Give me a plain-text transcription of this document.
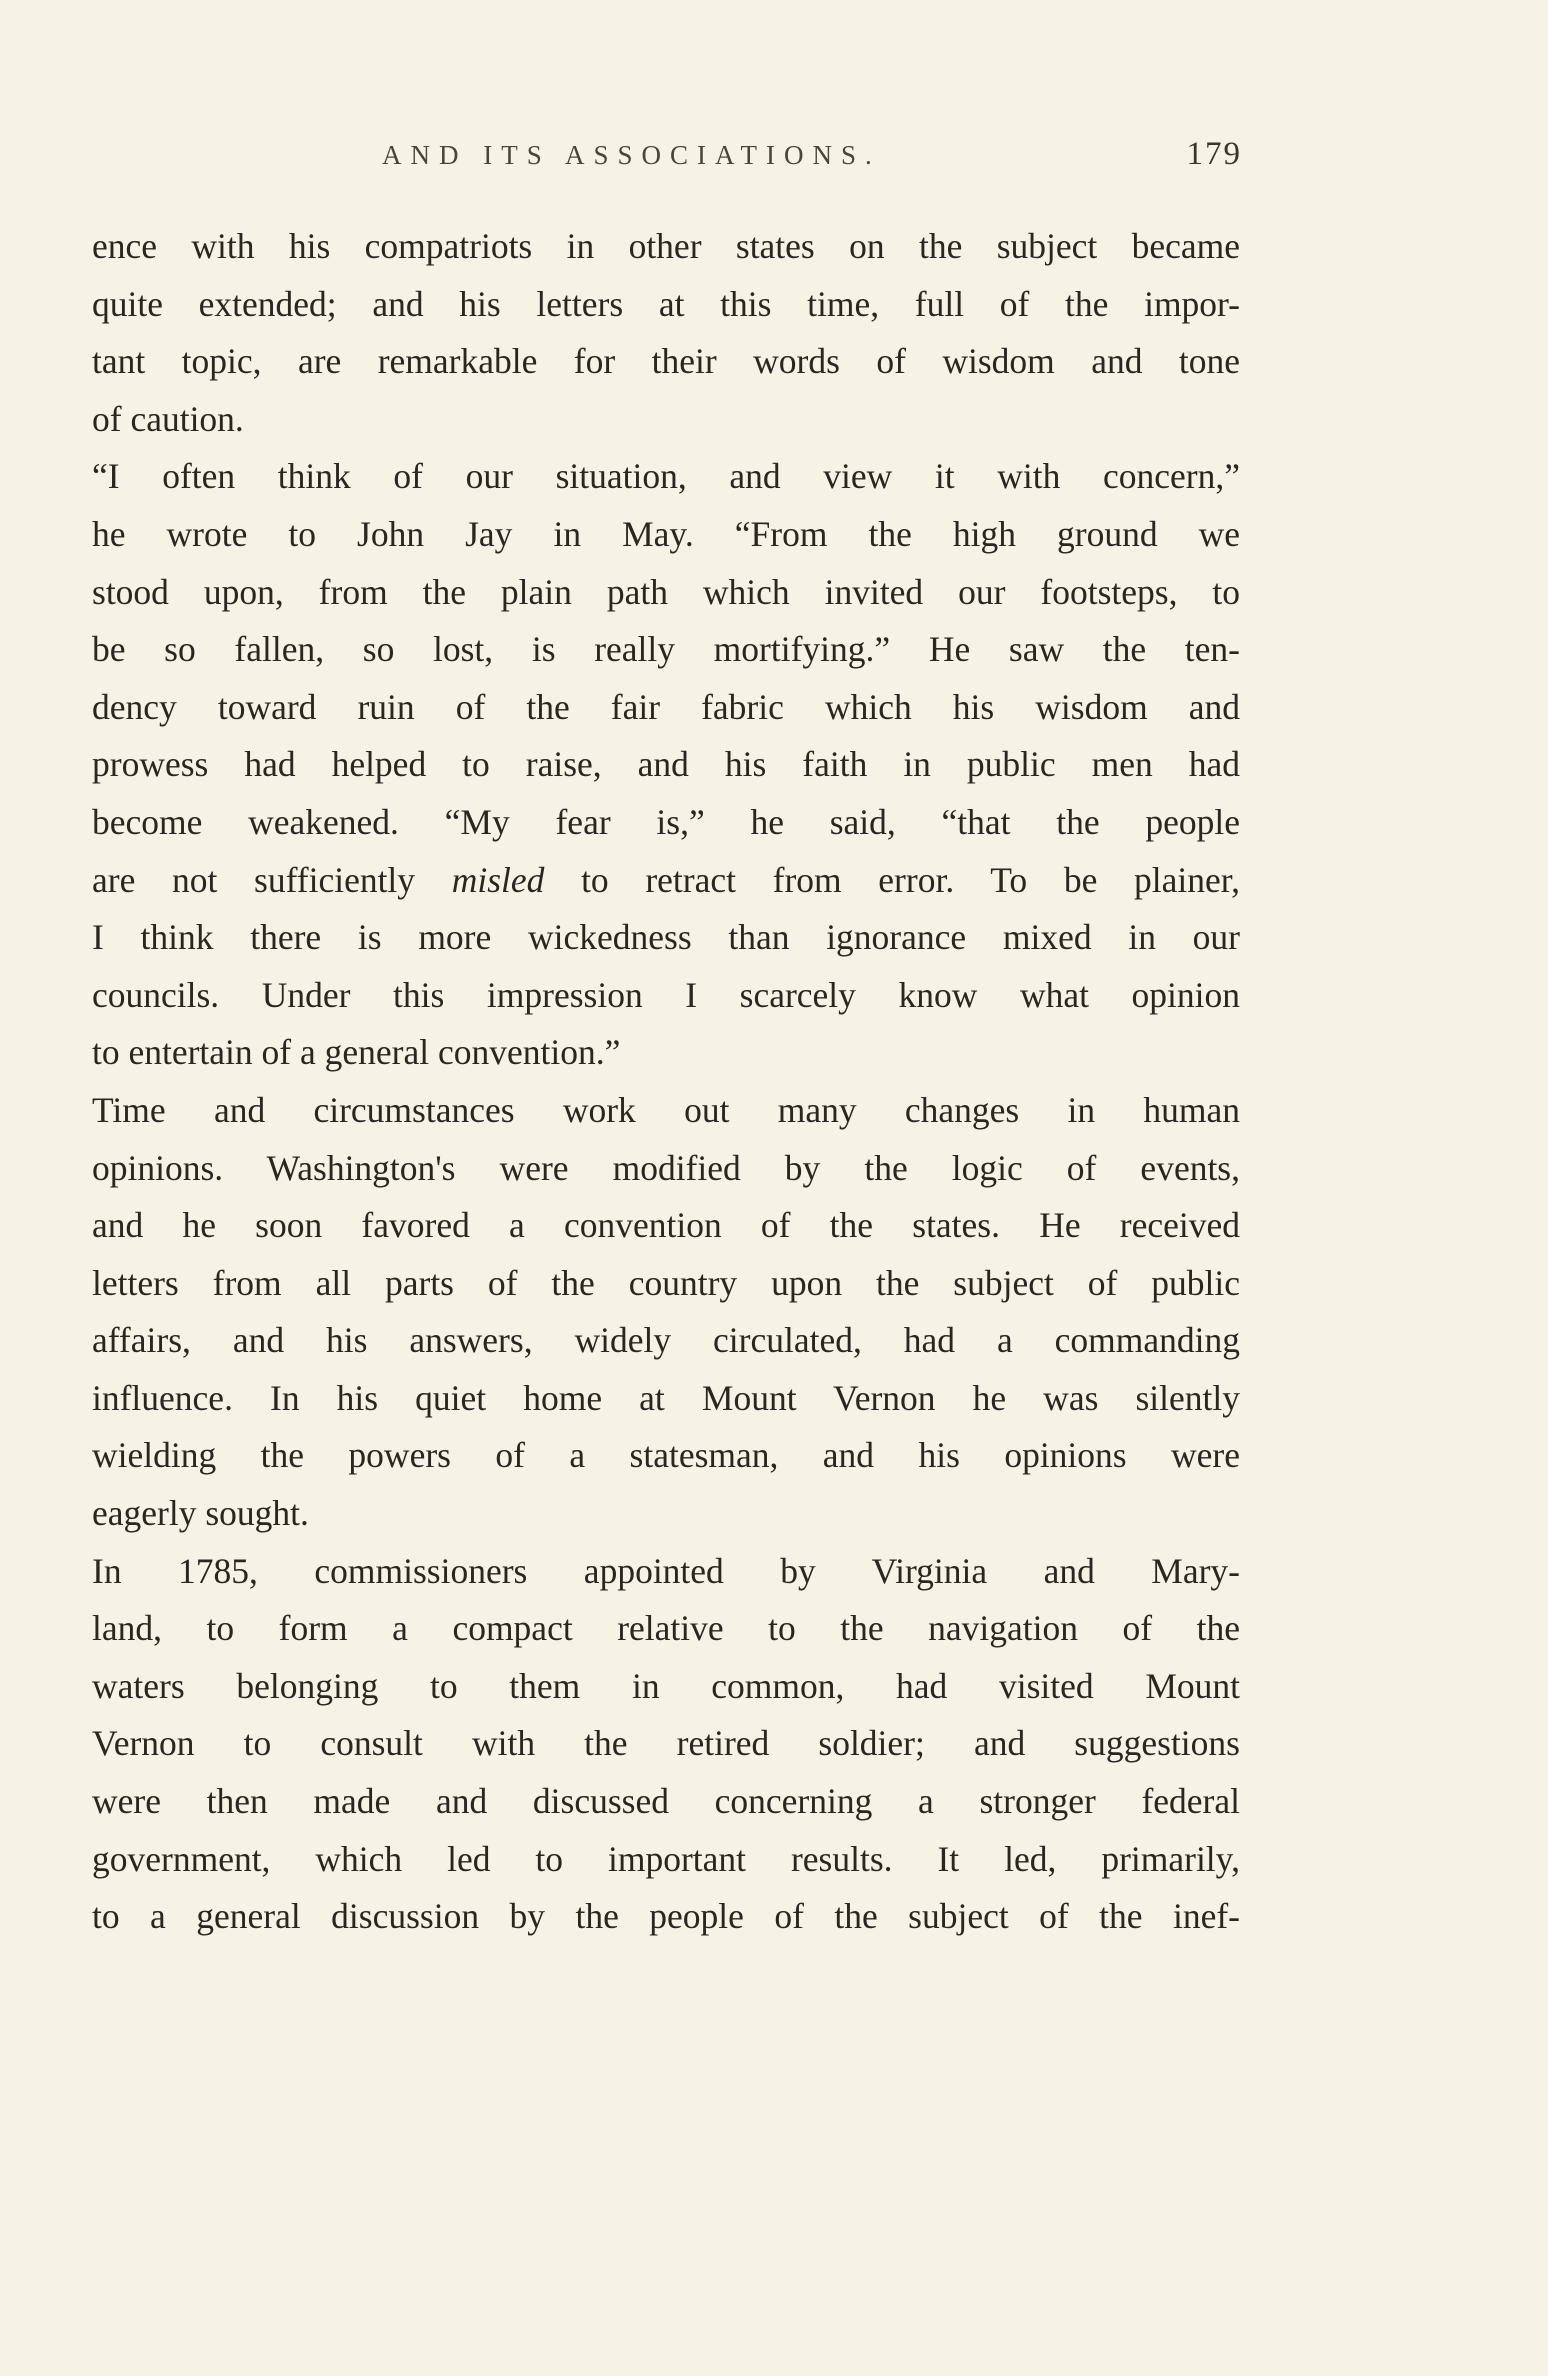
AND ITS ASSOCIATIONS.	179
ence with his compatriots in other states on the subject became
quite extended; and his letters at this time, full of the impor-
tant topic, are remarkable for their words of wisdom and tone
of caution.
“I often think of our situation, and view it with concern,”
he wrote to John Jay in May. “From the high ground we
stood upon, from the plain path which invited our footsteps, to
be so fallen, so lost, is really mortifying.” He saw the ten-
dency toward ruin of the fair fabric which his wisdom and
prowess had helped to raise, and his faith in public men had
become weakened. “My fear is,” he said, “that the people
are not sufficiently misled to retract from error. To be plainer,
I think there is more wickedness than ignorance mixed in our
councils. Under this impression I scarcely know what opinion
to entertain of a general convention.”
Time and circumstances work out many changes in human
opinions. Washington's were modified by the logic of events,
and he soon favored a convention of the states. He received
letters from all parts of the country upon the subject of public
affairs, and his answers, widely circulated, had a commanding
influence. In his quiet home at Mount Vernon he was silently
wielding the powers of a statesman, and his opinions were
eagerly sought.
In 1785, commissioners appointed by Virginia and Mary-
land, to form a compact relative to the navigation of the
waters belonging to them in common, had visited Mount
Vernon to consult with the retired soldier; and suggestions
were then made and discussed concerning a stronger federal
government, which led to important results. It led, primarily,
to a general discussion by the people of the subject of the inef-
